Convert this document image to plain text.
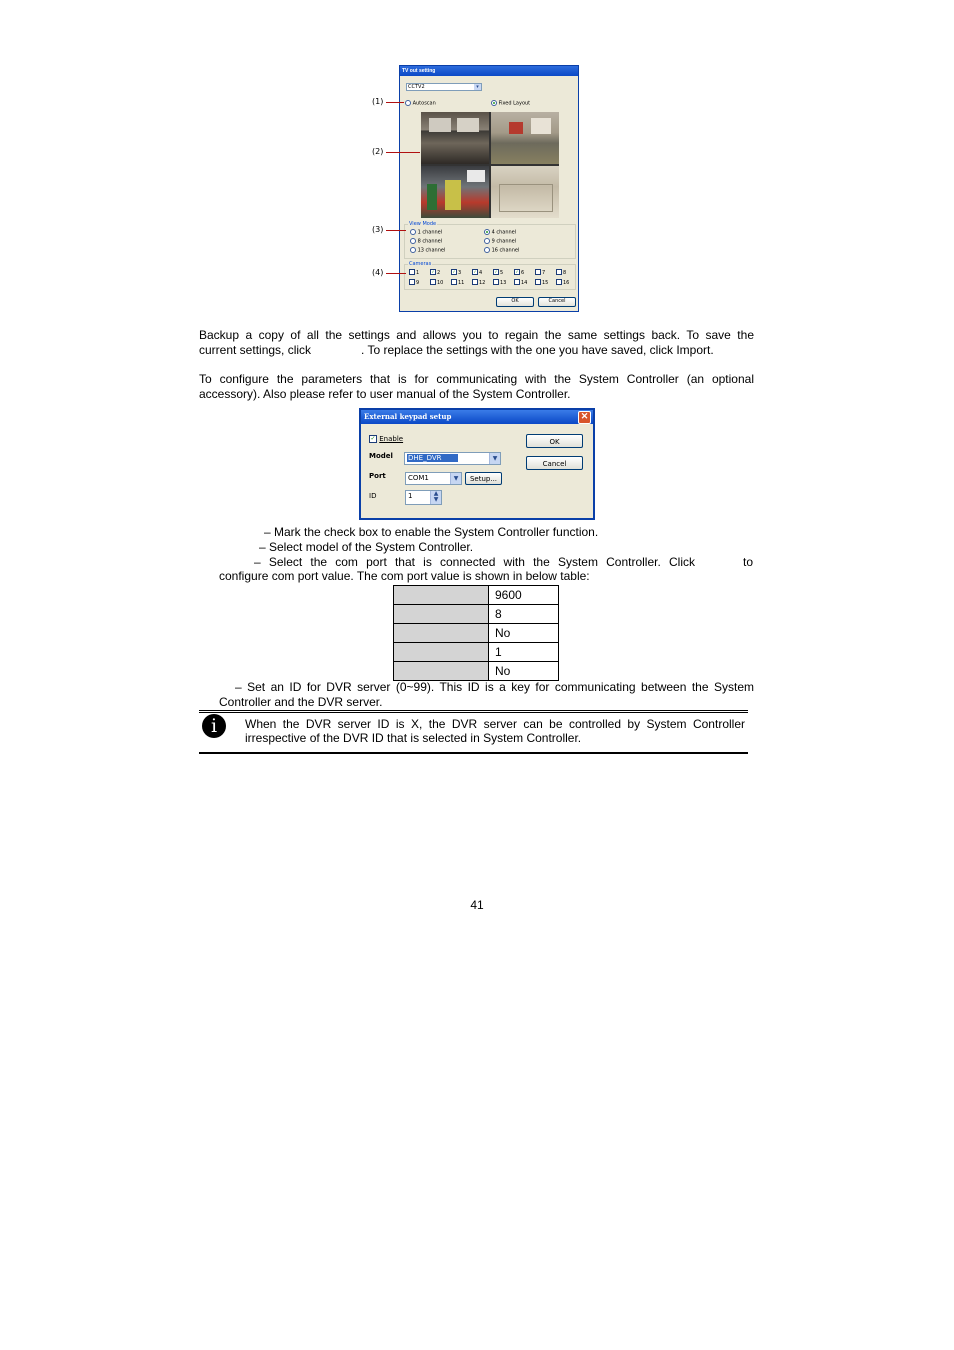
TV out setting
CCTV2	▾
Autoscan	Fixed Layout
View Mode
1 channel	4 channel
8 channel	9 channel
13 channel	16 channel
Cameras
1	✓ 2	✓ 3	✓ 4	✓ 5	✓ 6	7	8
9	10	11	12	13	14	15	16
OK	Cancel
(1)
(2)
(3)
(4)
Backup a copy of all the settings and allows you to regain the same settings back. To save the
current settings, click	. To replace the settings with the one you have saved, click Import.
To configure the parameters that is for communicating with the System Controller (an optional
accessory). Also please refer to user manual of the System Controller.
External keypad setup	✕
✓ Enable
Model	DHE_DVR	▼
Port	COM1	▼	Setup...
ID	1	▲
▼
OK
Cancel
– Mark the check box to enable the System Controller function.
– Select model of the System Controller.
– Select the com port that is connected with the System Controller. Click	to
configure com port value. The com port value is shown in below table:
	9600
	8
	No
	1
	No
– Set an ID for DVR server (0~99). This ID is a key for communicating between the System
Controller and the DVR server.
i	When the DVR server ID is X, the DVR server can be controlled by System Controller
irrespective of the DVR ID that is selected in System Controller.
41
